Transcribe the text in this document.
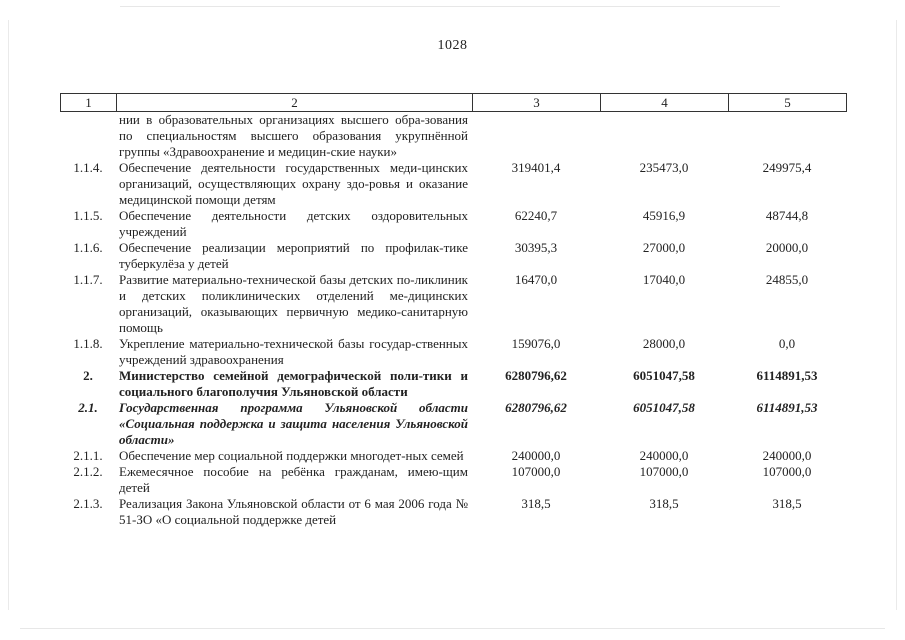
1028
1	2	3	4	5
	нии в образовательных организациях высшего обра-зования по специальностям высшего образования укрупнённой группы «Здравоохранение и медицин-ские науки»			
1.1.4.	Обеспечение деятельности государственных меди-цинских организаций, осуществляющих охрану здо-ровья и оказание медицинской помощи детям	319401,4	235473,0	249975,4
1.1.5.	Обеспечение деятельности детских оздоровительных учреждений	62240,7	45916,9	48744,8
1.1.6.	Обеспечение реализации мероприятий по профилак-тике туберкулёза у детей	30395,3	27000,0	20000,0
1.1.7.	Развитие материально-технической базы детских по-ликлиник и детских поликлинических отделений ме-дицинских организаций, оказывающих первичную медико-санитарную помощь	16470,0	17040,0	24855,0
1.1.8.	Укрепление материально-технической базы государ-ственных учреждений здравоохранения	159076,0	28000,0	0,0
2.	Министерство семейной демографической поли-тики и социального благополучия Ульяновской области	6280796,62	6051047,58	6114891,53
2.1.	Государственная программа Ульяновской области «Социальная поддержка и защита населения Ульяновской области»	6280796,62	6051047,58	6114891,53
2.1.1.	Обеспечение мер социальной поддержки многодет-ных семей	240000,0	240000,0	240000,0
2.1.2.	Ежемесячное пособие на ребёнка гражданам, имею-щим детей	107000,0	107000,0	107000,0
2.1.3.	Реализация Закона Ульяновской области от 6 мая 2006 года № 51-ЗО «О социальной поддержке детей	318,5	318,5	318,5
